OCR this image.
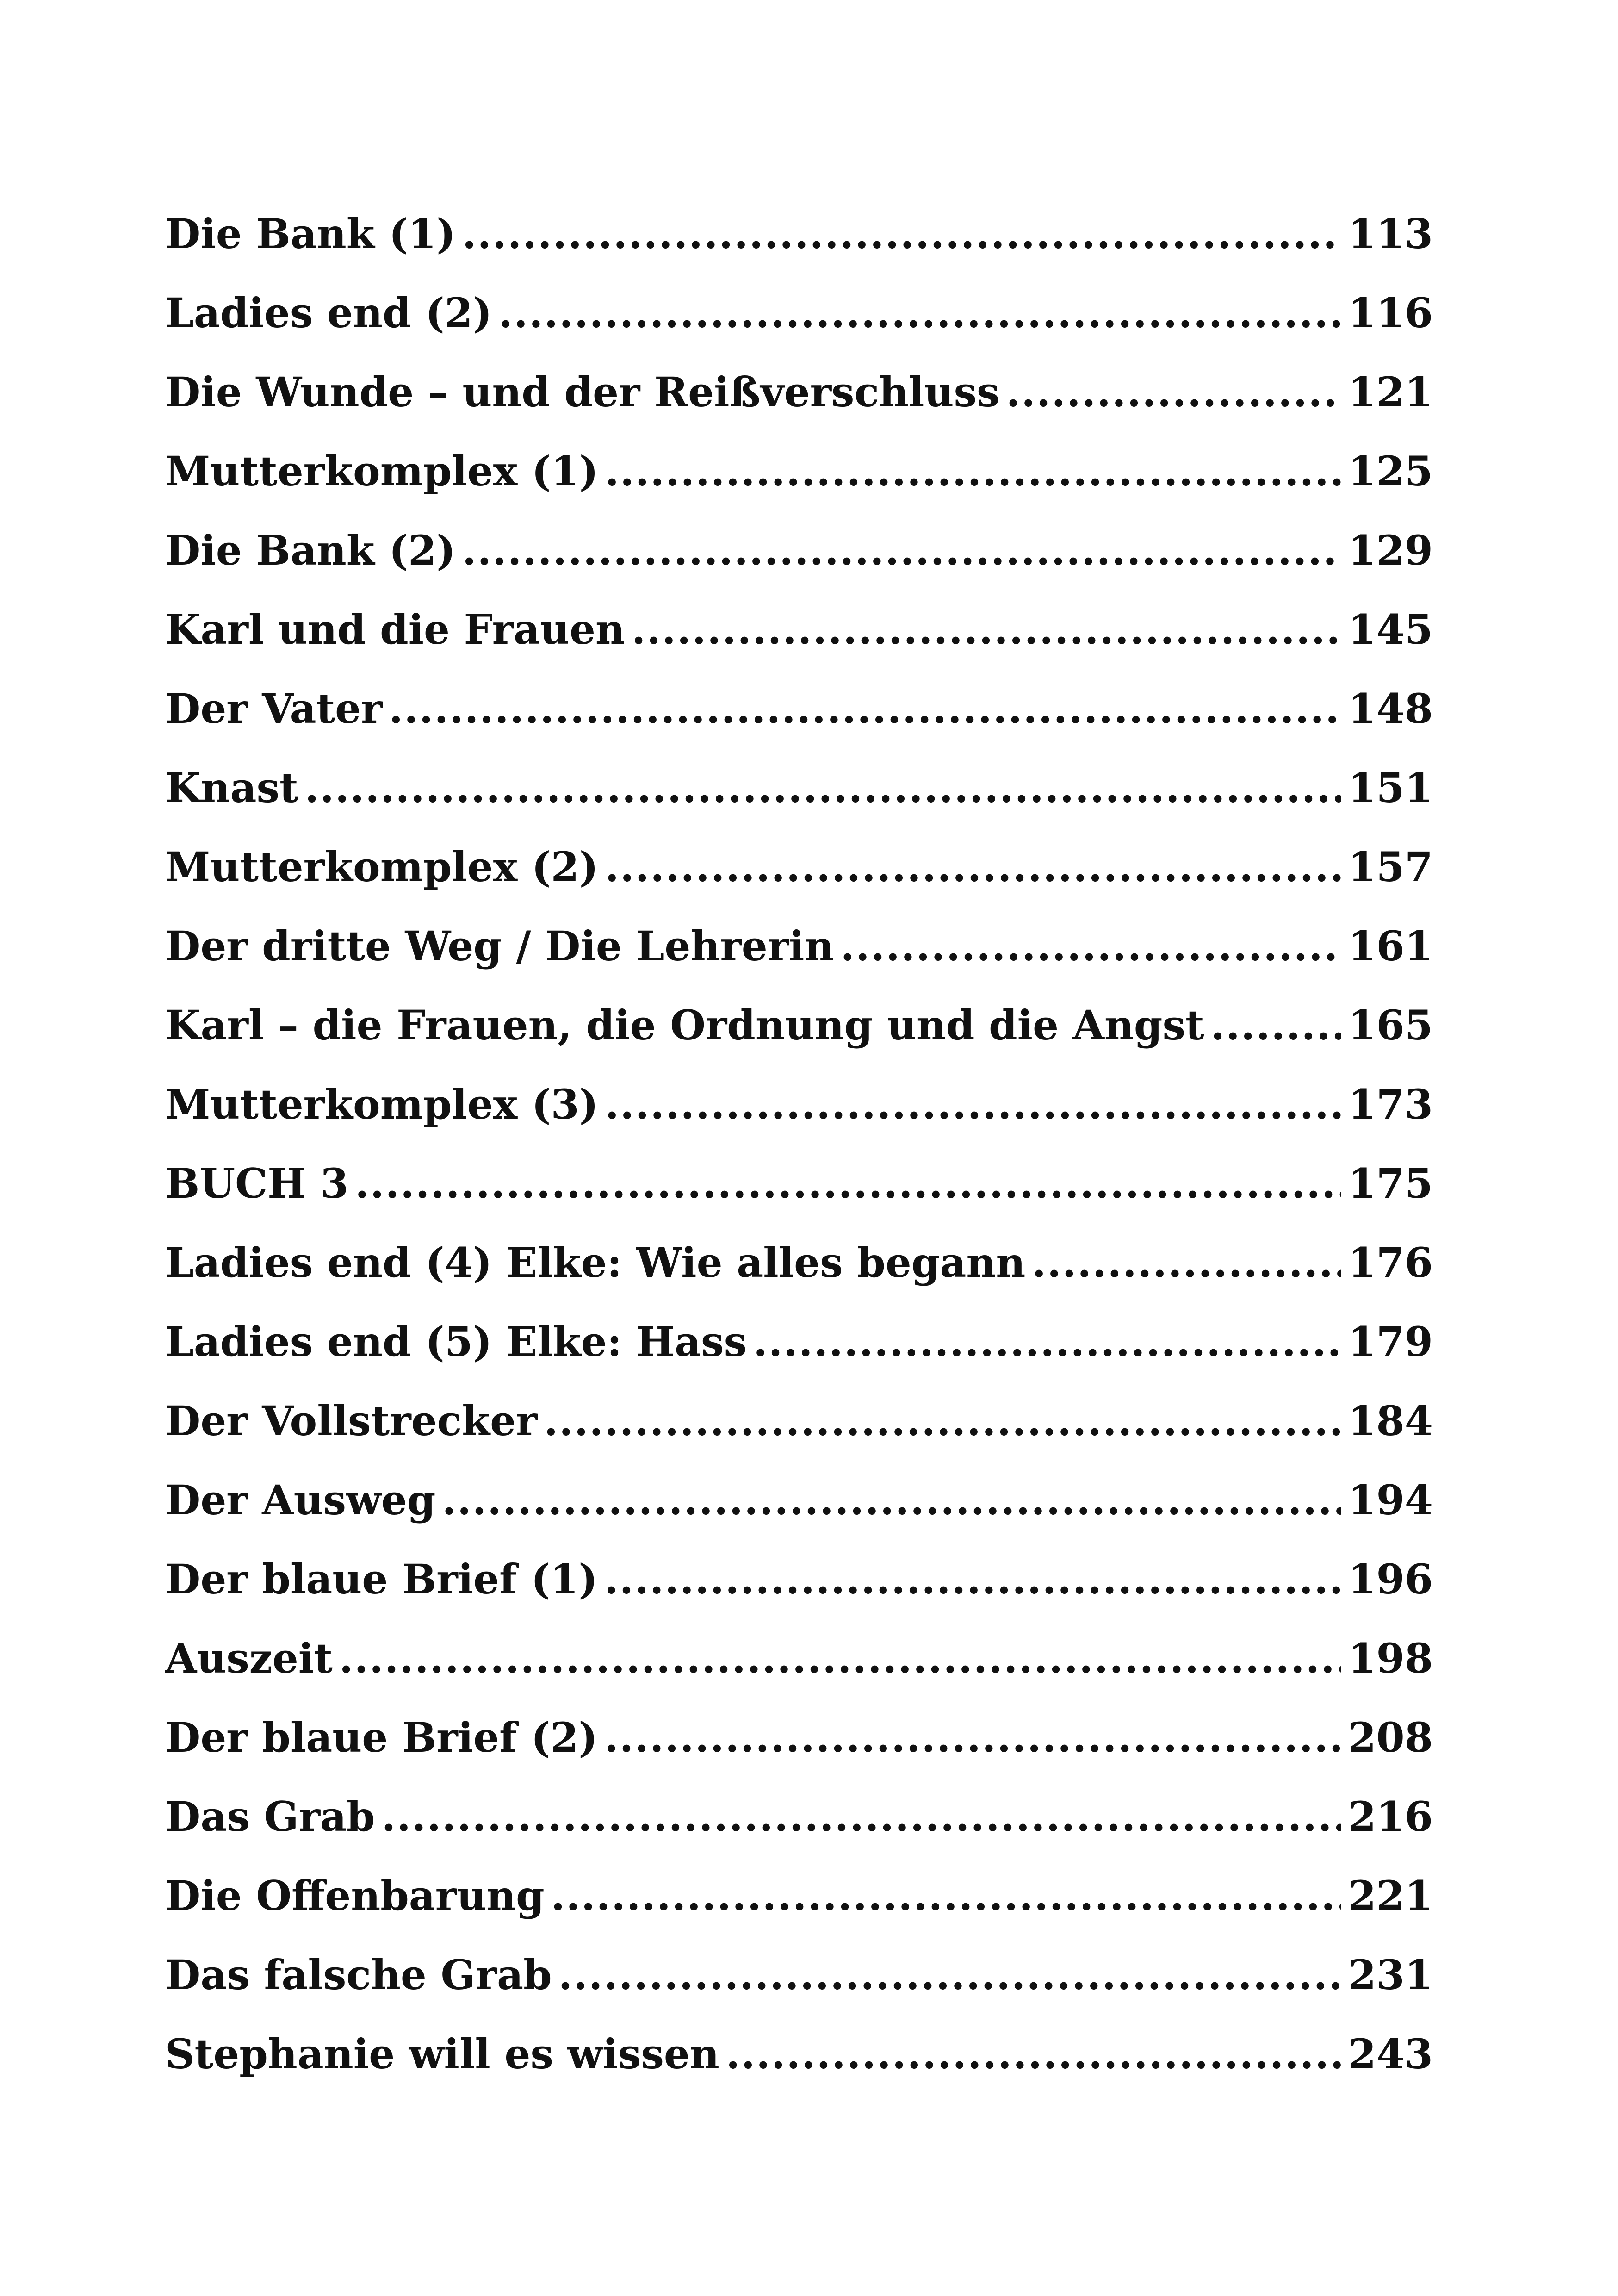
Die Bank (1) .....	113
Ladies end (2) .....	116
Die Wunde – und der Reißverschluss .....	121
Mutterkomplex (1) .....	125
Die Bank (2) .....	129
Karl und die Frauen .....	145
Der Vater .....	148
Knast .....	151
Mutterkomplex (2) .....	157
Der dritte Weg / Die Lehrerin .....	161
Karl – die Frauen, die Ordnung und die Angst .....	165
Mutterkomplex (3) .....	173
BUCH 3 .....	175
Ladies end (4) Elke: Wie alles begann .....	176
Ladies end (5) Elke: Hass .....	179
Der Vollstrecker .....	184
Der Ausweg .....	194
Der blaue Brief (1) .....	196
Auszeit .....	198
Der blaue Brief (2) .....	208
Das Grab .....	216
Die Offenbarung .....	221
Das falsche Grab .....	231
Stephanie will es wissen .....	243
